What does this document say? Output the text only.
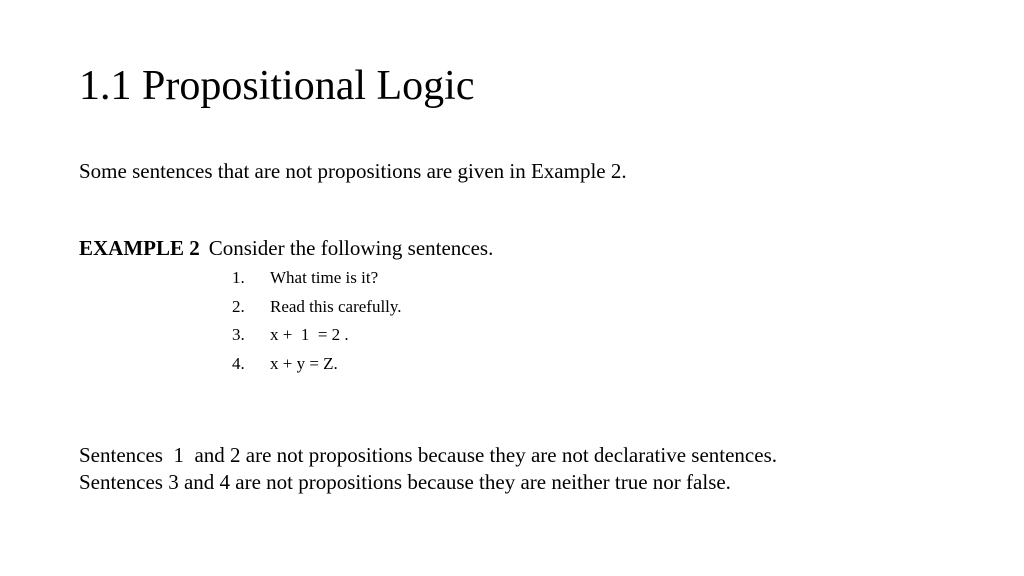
1.1 Propositional Logic

Some sentences that are not propositions are given in Example 2.

EXAMPLE 2 Consider the following sentences.

1. What time is it?
2. Read this carefully.
3. x +  1  = 2 .
4. x + y = Z.

Sentences  1  and 2 are not propositions because they are not declarative sentences.
Sentences 3 and 4 are not propositions because they are neither true nor false.
